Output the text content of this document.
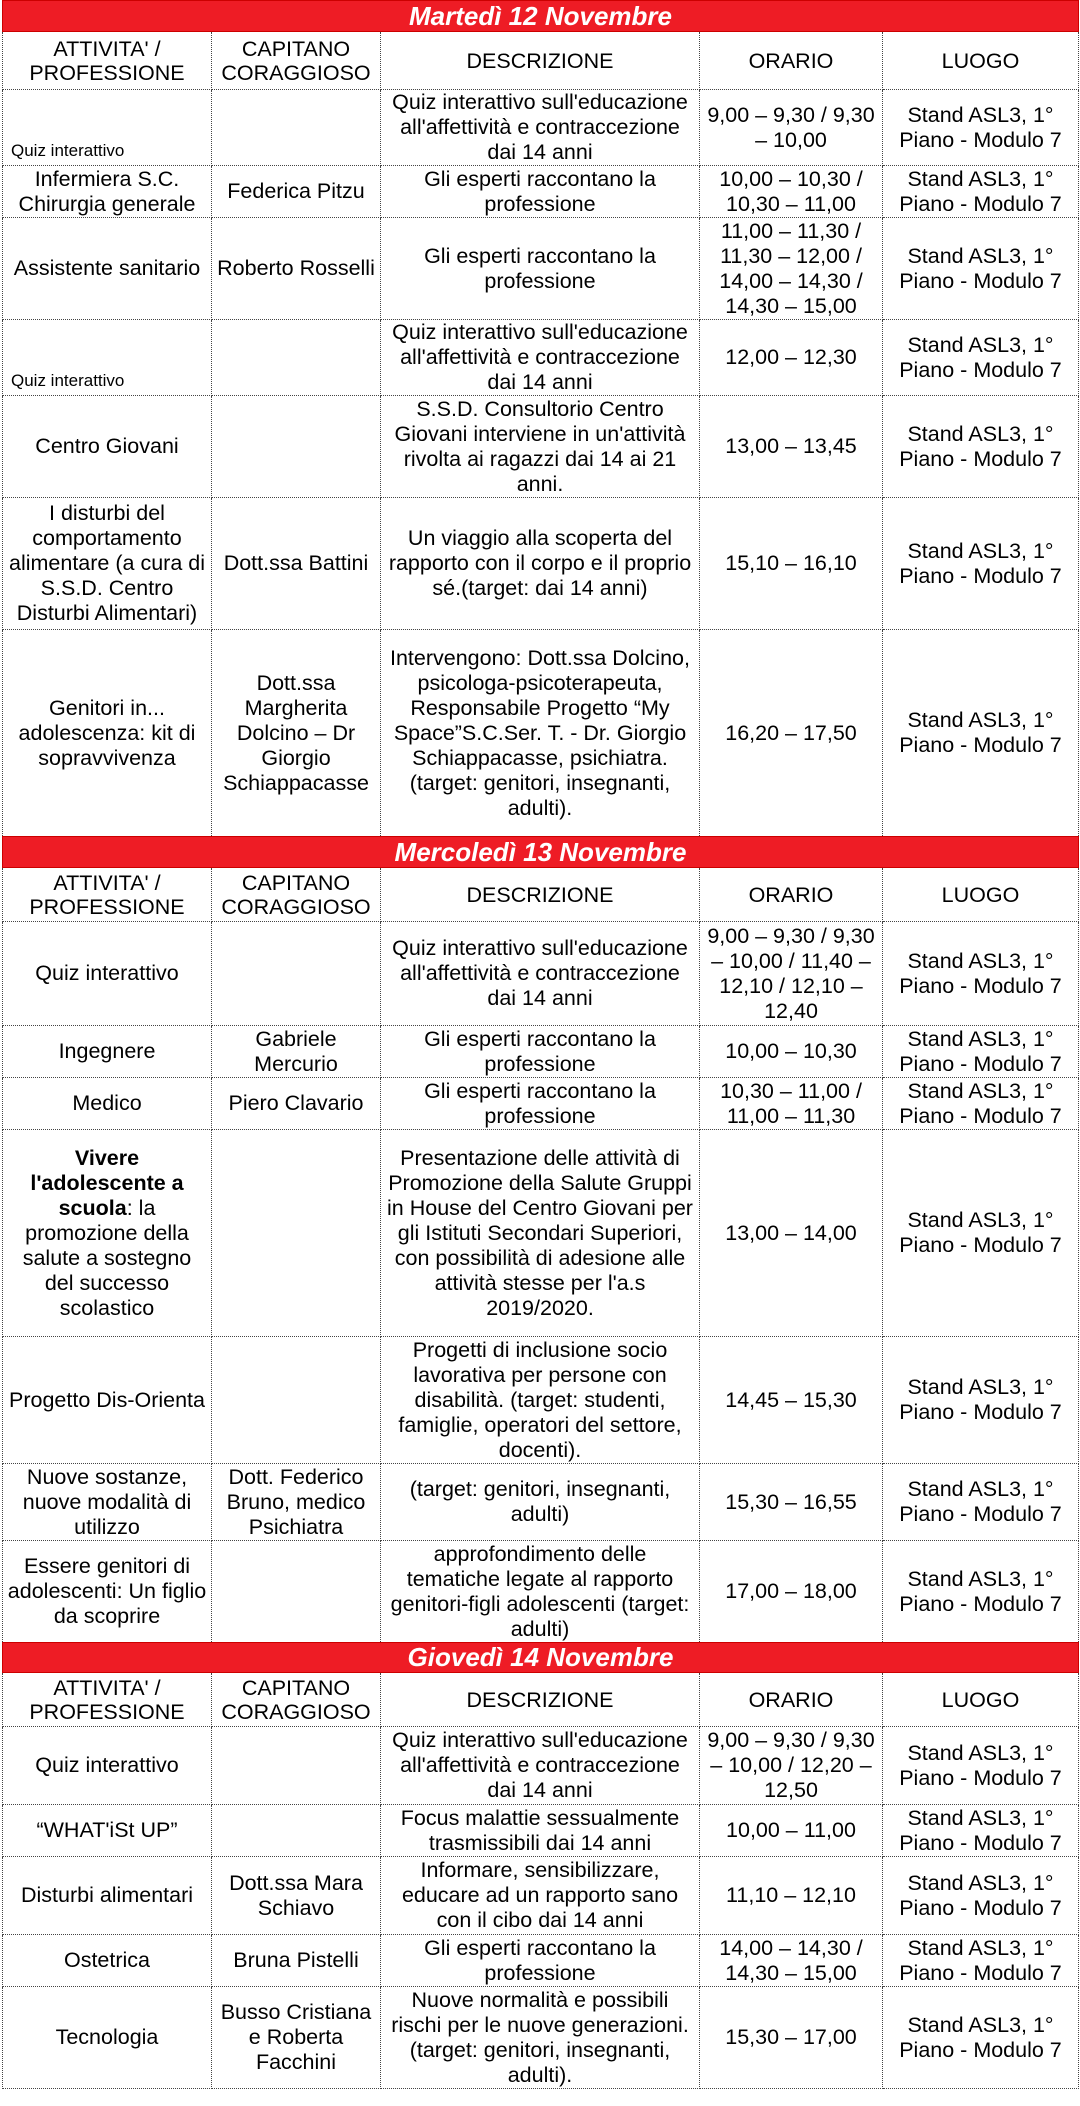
Martedì 12 Novembre				
ATTIVITA' / PROFESSIONE	CAPITANO CORAGGIOSO	DESCRIZIONE	ORARIO	LUOGO
Quiz interattivo		Quiz interattivo sull'educazione all'affettività e contraccezione dai 14 anni	9,00 – 9,30 / 9,30 – 10,00	Stand ASL3, 1° Piano - Modulo 7
Infermiera S.C. Chirurgia generale	Federica Pitzu	Gli esperti raccontano la professione	10,00 – 10,30 / 10,30 – 11,00	Stand ASL3, 1° Piano - Modulo 7
Assistente sanitario	Roberto Rosselli	Gli esperti raccontano la professione	11,00 – 11,30 / 11,30 – 12,00 / 14,00 – 14,30 / 14,30 – 15,00	Stand ASL3, 1° Piano - Modulo 7
Quiz interattivo		Quiz interattivo sull'educazione all'affettività e contraccezione dai 14 anni	12,00 – 12,30	Stand ASL3, 1° Piano - Modulo 7
Centro Giovani		S.S.D. Consultorio Centro Giovani interviene in un'attività rivolta ai ragazzi dai 14 ai 21 anni.	13,00 – 13,45	Stand ASL3, 1° Piano - Modulo 7
I disturbi del comportamento alimentare (a cura di S.S.D. Centro Disturbi Alimentari)	Dott.ssa Battini	Un viaggio alla scoperta del rapporto con il corpo e il proprio sé.(target: dai 14 anni)	15,10 – 16,10	Stand ASL3, 1° Piano - Modulo 7
Genitori in... adolescenza: kit di sopravvivenza	Dott.ssa Margherita Dolcino – Dr Giorgio Schiappacasse	Intervengono: Dott.ssa Dolcino, psicologa-psicoterapeuta, Responsabile Progetto “My Space”S.C.Ser. T. - Dr. Giorgio Schiappacasse, psichiatra. (target: genitori, insegnanti, adulti).	16,20 – 17,50	Stand ASL3, 1° Piano - Modulo 7
Mercoledì 13 Novembre				
ATTIVITA' / PROFESSIONE	CAPITANO CORAGGIOSO	DESCRIZIONE	ORARIO	LUOGO
Quiz interattivo		Quiz interattivo sull'educazione all'affettività e contraccezione dai 14 anni	9,00 – 9,30 / 9,30 – 10,00 / 11,40 – 12,10 / 12,10 – 12,40	Stand ASL3, 1° Piano - Modulo 7
Ingegnere	Gabriele Mercurio	Gli esperti raccontano la professione	10,00 – 10,30	Stand ASL3, 1° Piano - Modulo 7
Medico	Piero Clavario	Gli esperti raccontano la professione	10,30 – 11,00 / 11,00 – 11,30	Stand ASL3, 1° Piano - Modulo 7
Vivere l'adolescente a scuola: la promozione della salute a sostegno del successo scolastico		Presentazione delle attività di Promozione della Salute Gruppi in House del Centro Giovani per gli Istituti Secondari Superiori, con possibilità di adesione alle attività stesse per l'a.s 2019/2020.	13,00 – 14,00	Stand ASL3, 1° Piano - Modulo 7
Progetto Dis-Orienta		Progetti di inclusione socio lavorativa per persone con disabilità. (target: studenti, famiglie, operatori del settore, docenti).	14,45 – 15,30	Stand ASL3, 1° Piano - Modulo 7
Nuove sostanze, nuove modalità di utilizzo	Dott. Federico Bruno, medico Psichiatra	(target: genitori, insegnanti, adulti)	15,30 – 16,55	Stand ASL3, 1° Piano - Modulo 7
Essere genitori di adolescenti: Un figlio da scoprire		approfondimento delle tematiche legate al rapporto genitori-figli adolescenti (target: adulti)	17,00 – 18,00	Stand ASL3, 1° Piano - Modulo 7
Giovedì 14 Novembre				
ATTIVITA' / PROFESSIONE	CAPITANO CORAGGIOSO	DESCRIZIONE	ORARIO	LUOGO
Quiz interattivo		Quiz interattivo sull'educazione all'affettività e contraccezione dai 14 anni	9,00 – 9,30 / 9,30 – 10,00 / 12,20 – 12,50	Stand ASL3, 1° Piano - Modulo 7
“WHAT'iSt UP”		Focus malattie sessualmente trasmissibili dai 14 anni	10,00 – 11,00	Stand ASL3, 1° Piano - Modulo 7
Disturbi alimentari	Dott.ssa Mara Schiavo	Informare, sensibilizzare, educare ad un rapporto sano con il cibo dai 14 anni	11,10 – 12,10	Stand ASL3, 1° Piano - Modulo 7
Ostetrica	Bruna Pistelli	Gli esperti raccontano la professione	14,00 – 14,30 / 14,30 – 15,00	Stand ASL3, 1° Piano - Modulo 7
Tecnologia	Busso Cristiana e Roberta Facchini	Nuove normalità e possibili rischi per le nuove generazioni. (target: genitori, insegnanti, adulti).	15,30 – 17,00	Stand ASL3, 1° Piano - Modulo 7
